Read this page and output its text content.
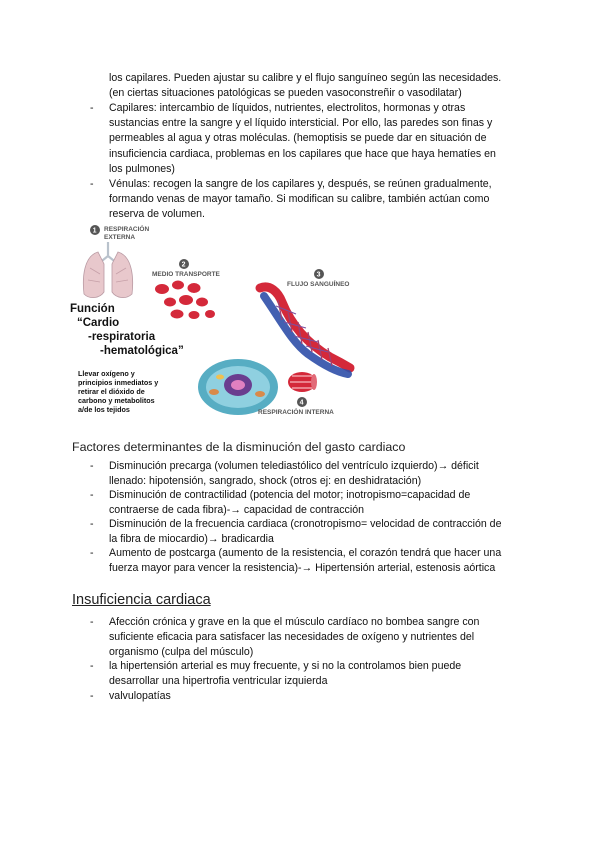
los capilares. Pueden ajustar su calibre y el flujo sanguíneo según las necesidades.
(en ciertas situaciones patológicas se pueden vasoconstreñir o vasodilatar)
- Capilares: intercambio de líquidos, nutrientes, electrolitos, hormonas y otras
sustancias entre la sangre y el líquido intersticial. Por ello, las paredes son finas y
permeables al agua y otras moléculas. (hemoptisis se puede dar en situación de
insuficiencia cardiaca, problemas en los capilares que hace que haya hematíes en
los pulmones)
- Vénulas: recogen la sangre de los capilares y, después, se reúnen gradualmente,
formando venas de mayor tamaño. Si modifican su calibre, también actúan como
reserva de volumen.
1 RESPIRACIÓN
EXTERNA
2
MEDIO TRANSPORTE	3
FLUJO SANGUÍNEO
Función
“Cardio
-respiratoria
-hematológica”
Llevar oxígeno y
principios inmediatos y
retirar el dióxido de
carbono y metabolitos
a/de los tejidos
4
RESPIRACIÓN INTERNA
Factores determinantes de la disminución del gasto cardiaco
- Disminución precarga (volumen telediastólico del ventrículo izquierdo)→ déficit
llenado: hipotensión, sangrado, shock (otros ej: en deshidratación)
- Disminución de contractilidad (potencia del motor; inotropismo=capacidad de
contraerse de cada fibra)-→ capacidad de contracción
- Disminución de la frecuencia cardiaca (cronotropismo= velocidad de contracción de
la fibra de miocardio)→ bradicardia
- Aumento de postcarga (aumento de la resistencia, el corazón tendrá que hacer una
fuerza mayor para vencer la resistencia)-→ Hipertensión arterial, estenosis aórtica
Insuficiencia cardiaca
- Afección crónica y grave en la que el músculo cardíaco no bombea sangre con
suficiente eficacia para satisfacer las necesidades de oxígeno y nutrientes del
organismo (culpa del músculo)
- la hipertensión arterial es muy frecuente, y si no la controlamos bien puede
desarrollar una hipertrofia ventricular izquierda
- valvulopatías
